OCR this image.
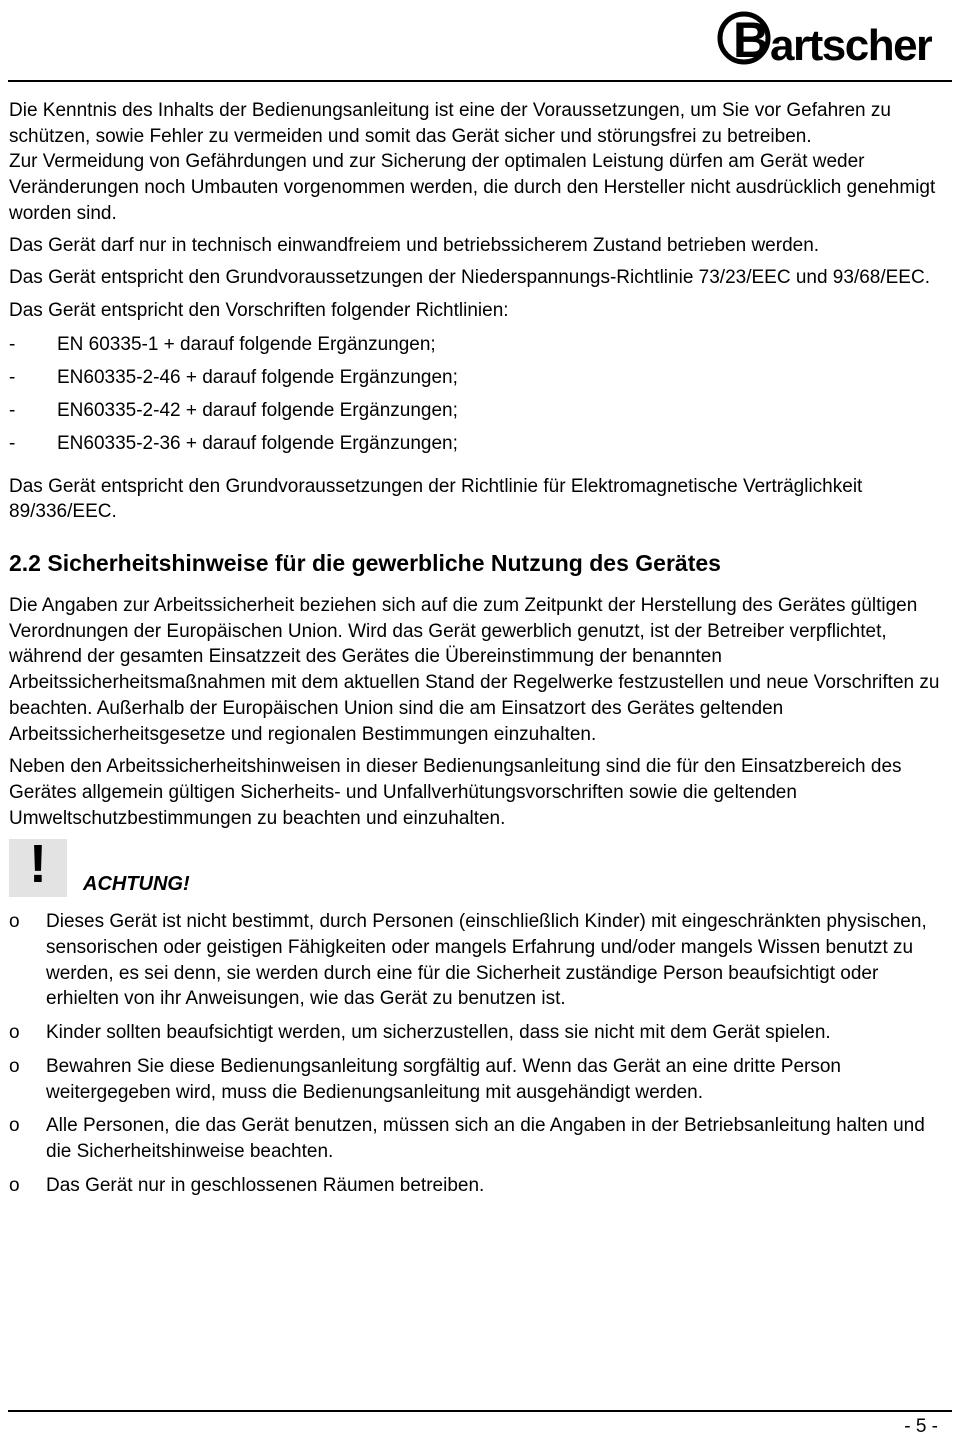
B artscher

Die Kenntnis des Inhalts der Bedienungsanleitung ist eine der Voraussetzungen, um Sie vor Gefahren zu schützen, sowie Fehler zu vermeiden und somit das Gerät sicher und störungsfrei zu betreiben.

Zur Vermeidung von Gefährdungen und zur Sicherung der optimalen Leistung dürfen am Gerät weder Veränderungen noch Umbauten vorgenommen werden, die durch den Hersteller nicht ausdrücklich genehmigt worden sind.

Das Gerät darf nur in technisch einwandfreiem und betriebssicherem Zustand betrieben werden.

Das Gerät entspricht den Grundvoraussetzungen der Niederspannungs-Richtlinie 73/23/EEC und 93/68/EEC.

Das Gerät entspricht den Vorschriften folgender Richtlinien:

-	EN 60335-1 + darauf folgende Ergänzungen;
-	EN60335-2-46 + darauf folgende Ergänzungen;
-	EN60335-2-42 + darauf folgende Ergänzungen;
-	EN60335-2-36 + darauf folgende Ergänzungen;

Das Gerät entspricht den Grundvoraussetzungen der Richtlinie für Elektromagnetische Verträglichkeit 89/336/EEC.

2.2 Sicherheitshinweise für die gewerbliche Nutzung des Gerätes

Die Angaben zur Arbeitssicherheit beziehen sich auf die zum Zeitpunkt der Herstellung des Gerätes gültigen Verordnungen der Europäischen Union. Wird das Gerät gewerblich genutzt, ist der Betreiber verpflichtet, während der gesamten Einsatzzeit des Gerätes die Übereinstimmung der benannten Arbeitssicherheitsmaßnahmen mit dem aktuellen Stand der Regelwerke festzustellen und neue Vorschriften zu beachten. Außerhalb der Europäischen Union sind die am Einsatzort des Gerätes geltenden Arbeitssicherheitsgesetze und regionalen Bestimmungen einzuhalten.

Neben den Arbeitssicherheitshinweisen in dieser Bedienungsanleitung sind die für den Einsatzbereich des Gerätes allgemein gültigen Sicherheits- und Unfallverhütungsvorschriften sowie die geltenden Umweltschutzbestimmungen zu beachten und einzuhalten.

!	ACHTUNG!
o	Dieses Gerät ist nicht bestimmt, durch Personen (einschließlich Kinder) mit eingeschränkten physischen, sensorischen oder geistigen Fähigkeiten oder mangels Erfahrung und/oder mangels Wissen benutzt zu werden, es sei denn, sie werden durch eine für die Sicherheit zuständige Person beaufsichtigt oder erhielten von ihr Anweisungen, wie das Gerät zu benutzen ist.
o	Kinder sollten beaufsichtigt werden, um sicherzustellen, dass sie nicht mit dem Gerät spielen.
o	Bewahren Sie diese Bedienungsanleitung sorgfältig auf. Wenn das Gerät an eine dritte Person weitergegeben wird, muss die Bedienungsanleitung mit ausgehändigt werden.
o	Alle Personen, die das Gerät benutzen, müssen sich an die Angaben in der Betriebsanleitung halten und die Sicherheitshinweise beachten.
o	Das Gerät nur in geschlossenen Räumen betreiben.
- 5 -
